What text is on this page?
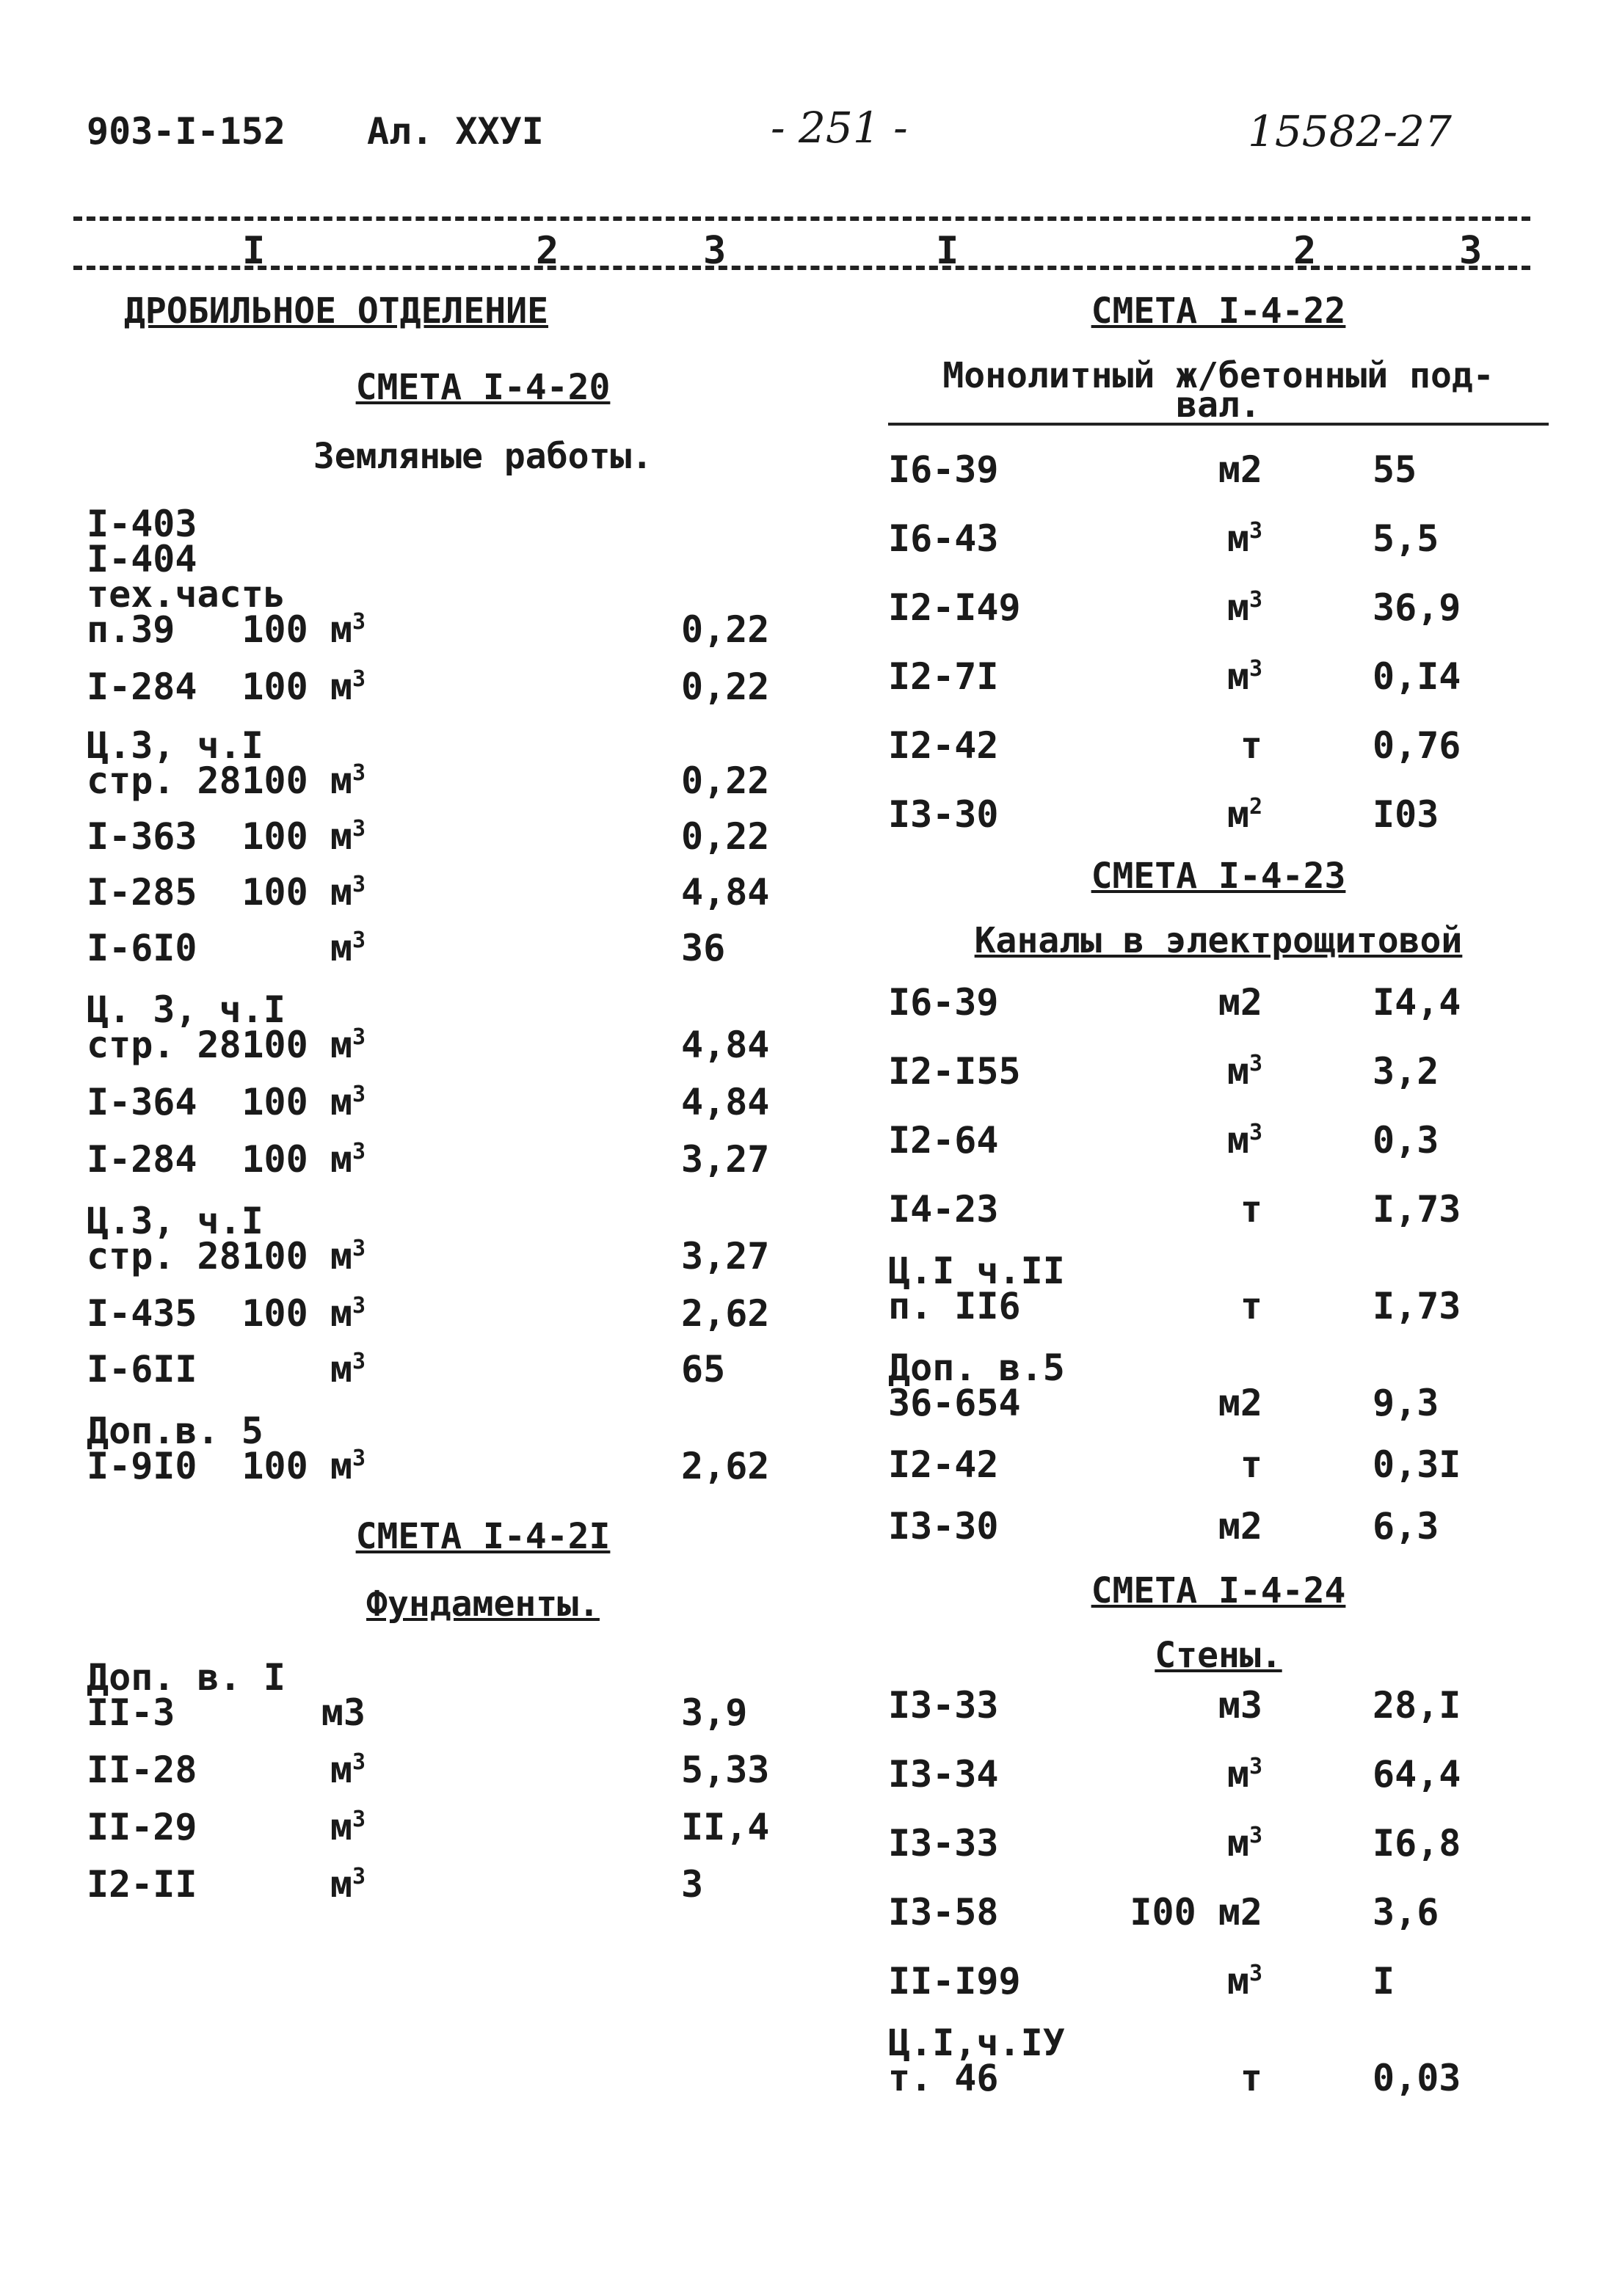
903-I-152 Ал. XXУI	- 251 -	15582-27
I	2	3	I	2	3
ДРОБИЛЬНОЕ ОТДЕЛЕНИЕ
СМЕТА I-4-20
Земляные работы.
I-403
I-404
тех.часть
п.39	100 $м^3$	0,22
I-284 100 $м^3$	0,22
Ц.3, ч.I
стр. 28 100 $м^3$	0,22
I-363 100 $м^3$	0,22
I-285 100 $м^3$	4,84
I-6I0	$м^3$	36
Ц. 3, ч.I
стр. 28 100 $м^3$	4,84
I-364 100 $м^3$	4,84
I-284 100 $м^3$	3,27
Ц.3, ч.I
стр. 28 100 $м^3$	3,27
I-435 100 $м^3$	2,62
I-6II	$м^3$	65
Доп.в. 5
I-9I0	100 $м^3$	2,62
СМЕТА I-4-2I
Фундаменты.
Доп. в. I
II-3	м3	3,9
II-28	$м^3$	5,33
II-29	$м^3$	II,4
I2-II	$м^3$	3
СМЕТА I-4-22
Монолитный ж/бетонный под-
вал.
I6-39	м2	55
I6-43	$м^3$	5,5
I2-I49	$м^3$	36,9
I2-7I	$м^3$	0,I4
I2-42	т	0,76
I3-30	$м^2$	I03
СМЕТА I-4-23
Каналы в электрощитовой
I6-39	м2	I4,4
I2-I55	$м^3$	3,2
I2-64	$м^3$	0,3
I4-23	т	I,73
Ц.I ч.II
п. II6	т	I,73
Доп. в.5
36-654	м2	9,3
I2-42	т	0,3I
I3-30	м2	6,3
СМЕТА I-4-24
Стены.
I3-33	м3	28,I
I3-34	$м^3$	64,4
I3-33	$м^3$	I6,8
I3-58	I00 м2	3,6
II-I99	$м^3$	I
Ц.I,ч.IУ
т. 46	т	0,03
